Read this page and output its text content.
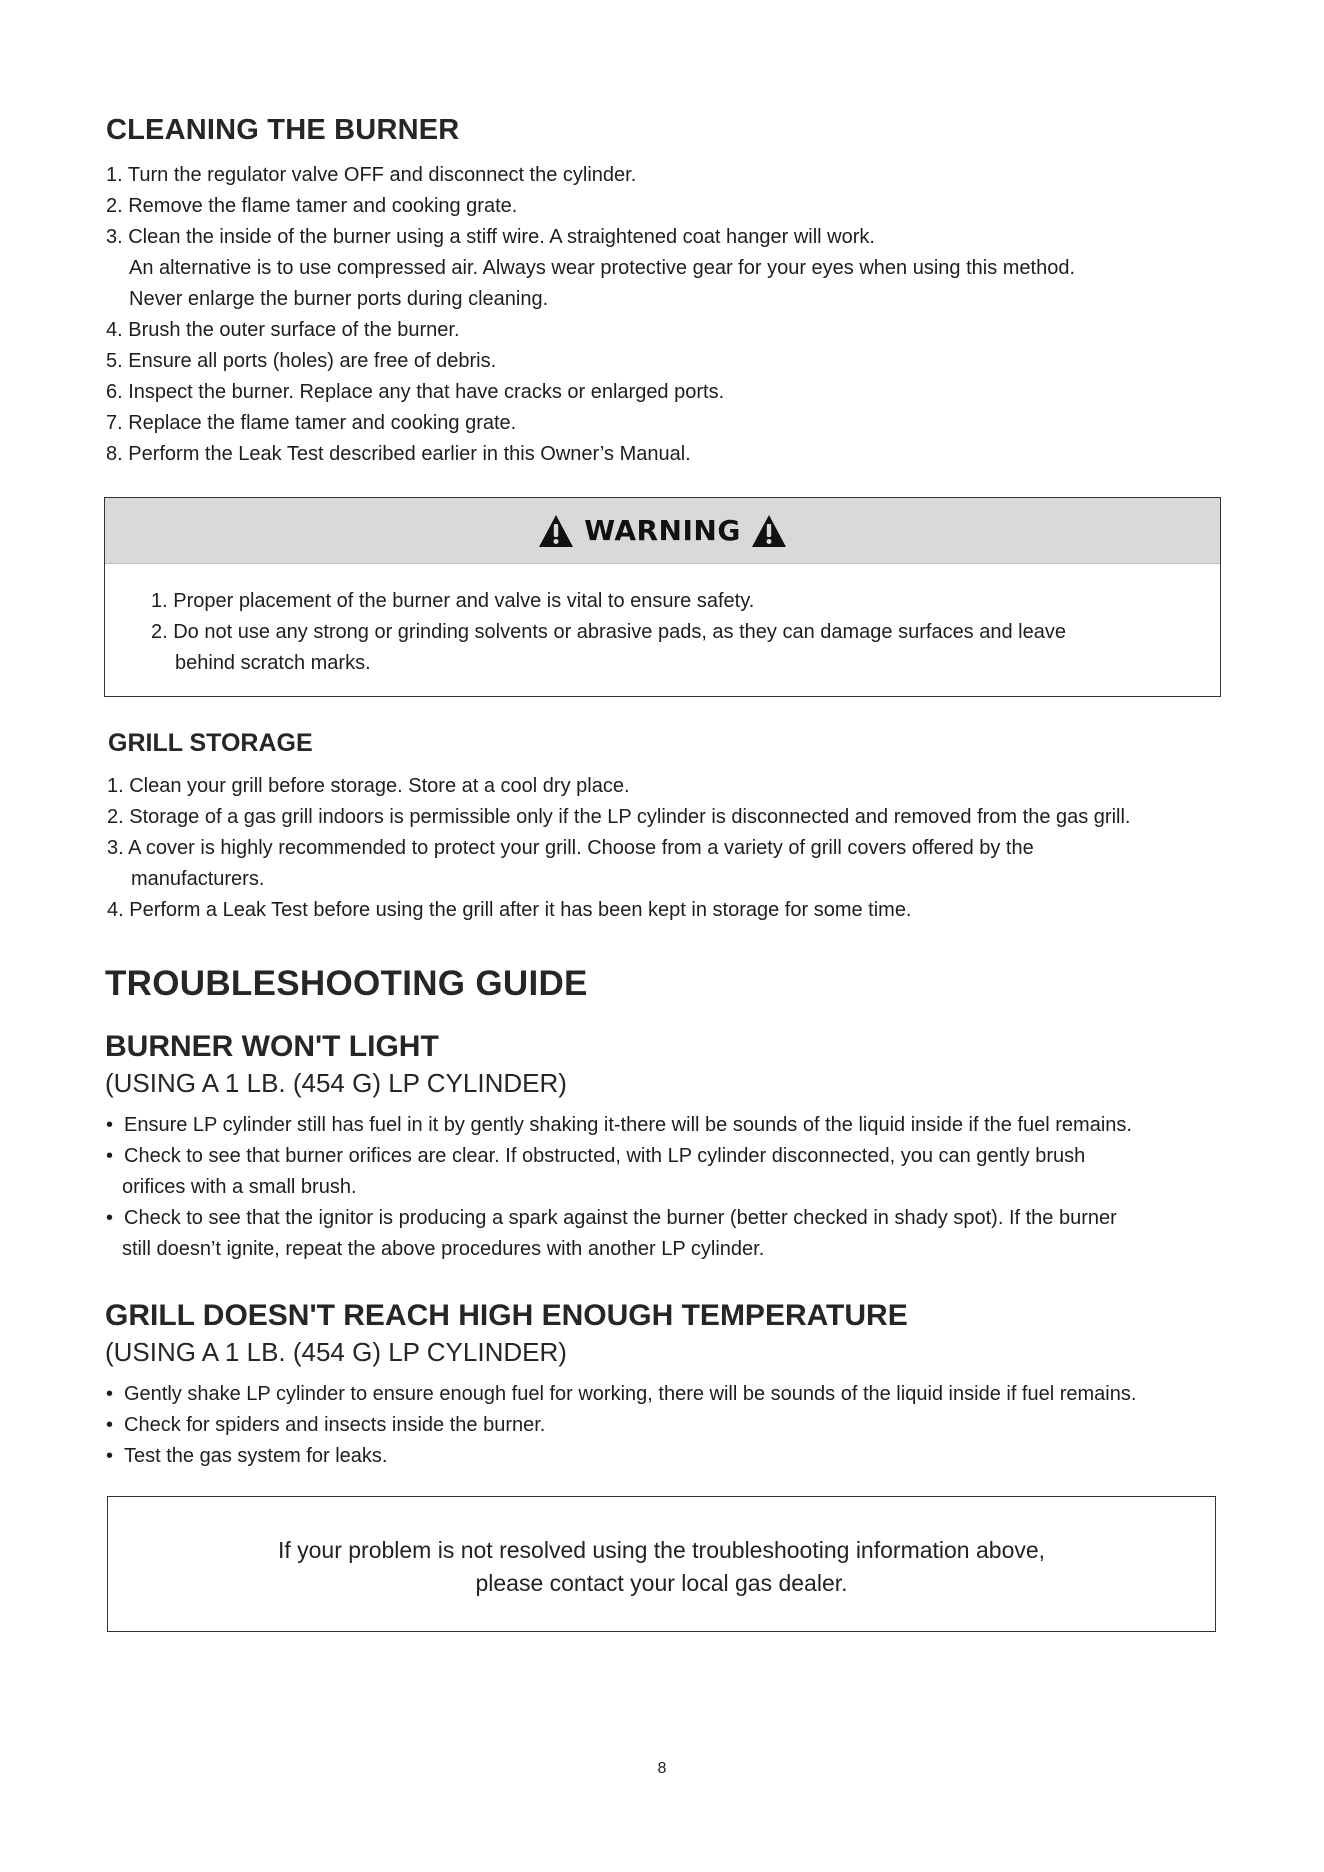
CLEANING THE BURNER
1. Turn the regulator valve OFF and disconnect the cylinder.
2. Remove the flame tamer and cooking grate.
3. Clean the inside of the burner using a stiff wire. A straightened coat hanger will work.
An alternative is to use compressed air. Always wear protective gear for your eyes when using this method.
Never enlarge the burner ports during cleaning.
4. Brush the outer surface of the burner.
5. Ensure all ports (holes) are free of debris.
6. Inspect the burner. Replace any that have cracks or enlarged ports.
7. Replace the flame tamer and cooking grate.
8. Perform the Leak Test described earlier in this Owner’s Manual.
WARNING
1. Proper placement of the burner and valve is vital to ensure safety.
2. Do not use any strong or grinding solvents or abrasive pads, as they can damage surfaces and leave
behind scratch marks.
GRILL STORAGE
1. Clean your grill before storage. Store at a cool dry place.
2. Storage of a gas grill indoors is permissible only if the LP cylinder is disconnected and removed from the gas grill.
3. A cover is highly recommended to protect your grill. Choose from a variety of grill covers offered by the
manufacturers.
4. Perform a Leak Test before using the grill after it has been kept in storage for some time.
TROUBLESHOOTING GUIDE
BURNER WON'T LIGHT
(USING A 1 LB. (454 G) LP CYLINDER)
• Ensure LP cylinder still has fuel in it by gently shaking it-there will be sounds of the liquid inside if the fuel remains.
• Check to see that burner orifices are clear. If obstructed, with LP cylinder disconnected, you can gently brush
orifices with a small brush.
• Check to see that the ignitor is producing a spark against the burner (better checked in shady spot). If the burner
still doesn’t ignite, repeat the above procedures with another LP cylinder.
GRILL DOESN'T REACH HIGH ENOUGH TEMPERATURE
(USING A 1 LB. (454 G) LP CYLINDER)
• Gently shake LP cylinder to ensure enough fuel for working, there will be sounds of the liquid inside if fuel remains.
• Check for spiders and insects inside the burner.
• Test the gas system for leaks.
If your problem is not resolved using the troubleshooting information above,
please contact your local gas dealer.
8
